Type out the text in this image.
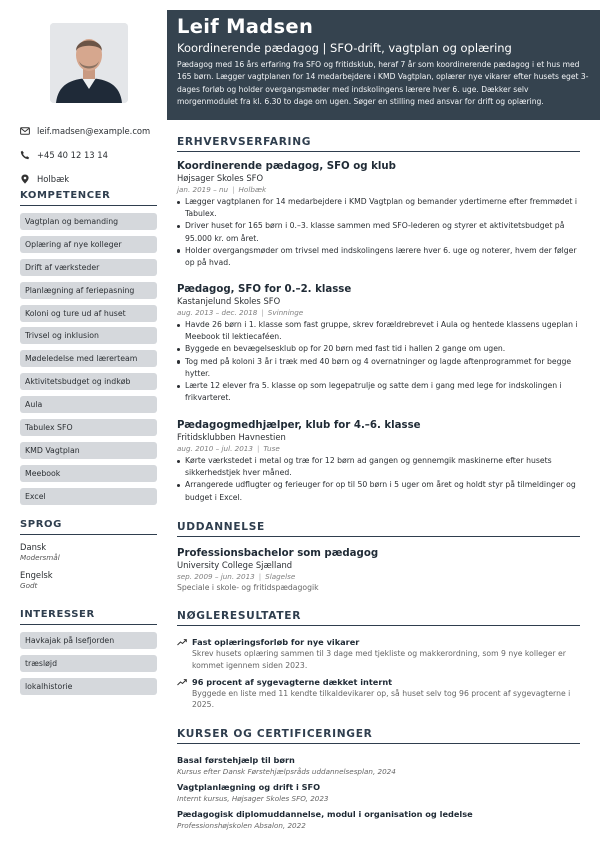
leif.madsen@example.com
+45 40 12 13 14
Holbæk
KOMPETENCER
Vagtplan og bemanding
Oplæring af nye kolleger
Drift af værksteder
Planlægning af feriepasning
Koloni og ture ud af huset
Trivsel og inklusion
Mødeledelse med lærerteam
Aktivitetsbudget og indkøb
Aula
Tabulex SFO
KMD Vagtplan
Meebook
Excel
SPROG
Dansk
Modersmål
Engelsk
Godt
INTERESSER
Havkajak på Isefjorden
træsløjd
lokalhistorie
Leif Madsen
Koordinerende pædagog | SFO-drift, vagtplan og oplæring
Pædagog med 16 års erfaring fra SFO og fritidsklub, heraf 7 år som koordinerende pædagog i et hus med 165 børn. Lægger vagtplanen for 14 medarbejdere i KMD Vagtplan, oplærer nye vikarer efter husets eget 3-dages forløb og holder overgangsmøder med indskolingens lærere hver 6. uge. Dækker selv morgenmodulet fra kl. 6.30 to dage om ugen. Søger en stilling med ansvar for drift og oplæring.
ERHVERVSERFARING
Koordinerende pædagog, SFO og klub
Højsager Skoles SFO
jan. 2019 – nu | Holbæk
Lægger vagtplanen for 14 medarbejdere i KMD Vagtplan og bemander ydertimerne efter fremmødet i Tabulex.
Driver huset for 165 børn i 0.–3. klasse sammen med SFO-lederen og styrer et aktivitetsbudget på 95.000 kr. om året.
Holder overgangsmøder om trivsel med indskolingens lærere hver 6. uge og noterer, hvem der følger op på hvad.
Pædagog, SFO for 0.–2. klasse
Kastanjelund Skoles SFO
aug. 2013 – dec. 2018 | Svinninge
Havde 26 børn i 1. klasse som fast gruppe, skrev forældrebrevet i Aula og hentede klassens ugeplan i Meebook til lektiecaféen.
Byggede en bevægelsesklub op for 20 børn med fast tid i hallen 2 gange om ugen.
Tog med på koloni 3 år i træk med 40 børn og 4 overnatninger og lagde aftenprogrammet for begge hytter.
Lærte 12 elever fra 5. klasse op som legepatrulje og satte dem i gang med lege for indskolingen i frikvarteret.
Pædagogmedhjælper, klub for 4.–6. klasse
Fritidsklubben Havnestien
aug. 2010 – jul. 2013 | Tuse
Kørte værkstedet i metal og træ for 12 børn ad gangen og gennemgik maskinerne efter husets sikkerhedstjek hver måned.
Arrangerede udflugter og ferieuger for op til 50 børn i 5 uger om året og holdt styr på tilmeldinger og budget i Excel.
UDDANNELSE
Professionsbachelor som pædagog
University College Sjælland
sep. 2009 – jun. 2013 | Slagelse
Speciale i skole- og fritidspædagogik
NØGLERESULTATER
Fast oplæringsforløb for nye vikarer
Skrev husets oplæring sammen til 3 dage med tjekliste og makkerordning, som 9 nye kolleger er kommet igennem siden 2023.
96 procent af sygevagterne dækket internt
Byggede en liste med 11 kendte tilkaldevikarer op, så huset selv tog 96 procent af sygevagterne i 2025.
KURSER OG CERTIFICERINGER
Basal førstehjælp til børn
Kursus efter Dansk Førstehjælpsråds uddannelsesplan, 2024
Vagtplanlægning og drift i SFO
Internt kursus, Højsager Skoles SFO, 2023
Pædagogisk diplomuddannelse, modul i organisation og ledelse
Professionshøjskolen Absalon, 2022
